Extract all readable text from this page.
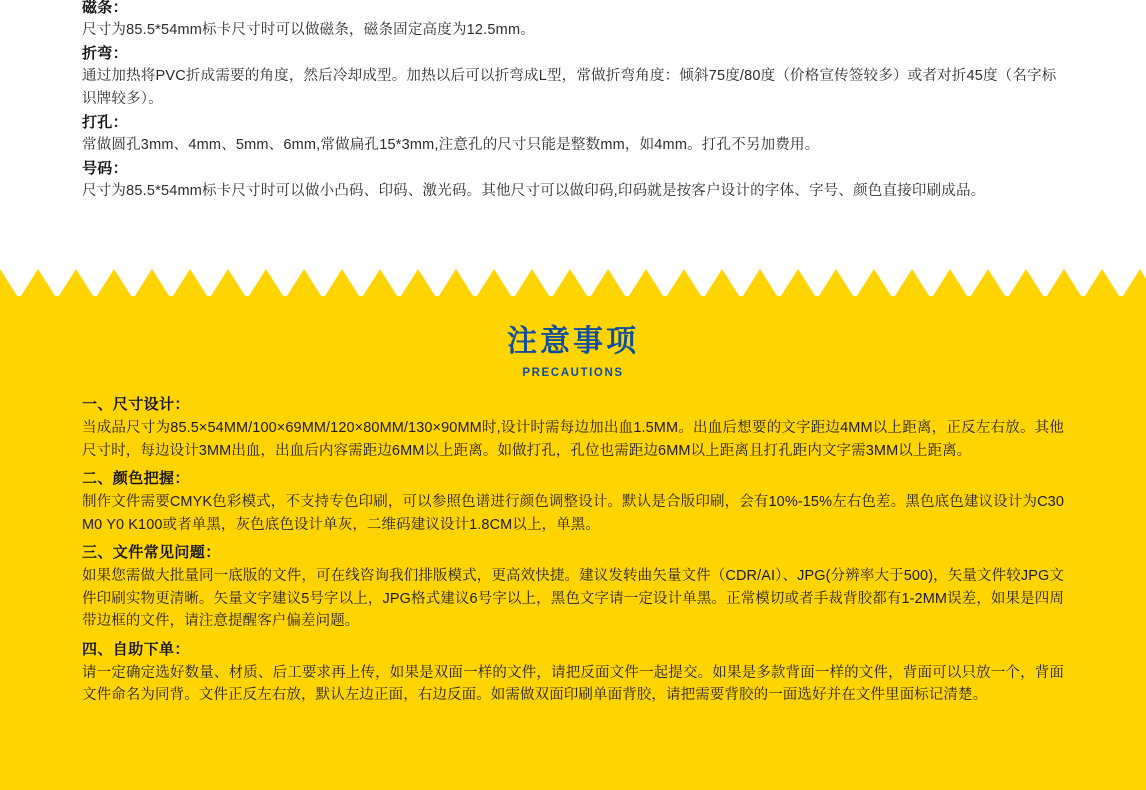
磁条：
尺寸为85.5*54mm标卡尺寸时可以做磁条，磁条固定高度为12.5mm。
折弯：
通过加热将PVC折成需要的角度，然后冷却成型。加热以后可以折弯成L型，常做折弯角度：倾斜75度/80度（价格宣传签较多）或者对折45度（名字标识牌较多）。
打孔：
常做圆孔3mm、4mm、5mm、6mm,常做扁孔15*3mm,注意孔的尺寸只能是整数mm，如4mm。打孔不另加费用。
号码：
尺寸为85.5*54mm标卡尺寸时可以做小凸码、印码、激光码。其他尺寸可以做印码,印码就是按客户设计的字体、字号、颜色直接印刷成品。
注意事项
PRECAUTIONS
一、尺寸设计：
当成品尺寸为85.5×54MM/100×69MM/120×80MM/130×90MM时,设计时需每边加出血1.5MM。出血后想要的文字距边4MM以上距离，正反左右放。其他尺寸时，每边设计3MM出血，出血后内容需距边6MM以上距离。如做打孔，孔位也需距边6MM以上距离且打孔距内文字需3MM以上距离。
二、颜色把握：
制作文件需要CMYK色彩模式，不支持专色印刷，可以参照色谱进行颜色调整设计。默认是合版印刷，会有10%-15%左右色差。黑色底色建议设计为C30 M0 Y0 K100或者单黑，灰色底色设计单灰，二维码建议设计1.8CM以上，单黑。
三、文件常见问题：
如果您需做大批量同一底版的文件，可在线咨询我们排版模式，更高效快捷。建议发转曲矢量文件（CDR/AI）、JPG(分辨率大于500)，矢量文件较JPG文件印刷实物更清晰。矢量文字建议5号字以上，JPG格式建议6号字以上，黑色文字请一定设计单黑。正常模切或者手裁背胶都有1-2MM误差，如果是四周带边框的文件，请注意提醒客户偏差问题。
四、自助下单：
请一定确定选好数量、材质、后工要求再上传，如果是双面一样的文件，请把反面文件一起提交。如果是多款背面一样的文件，背面可以只放一个，背面文件命名为同背。文件正反左右放，默认左边正面，右边反面。如需做双面印刷单面背胶，请把需要背胶的一面选好并在文件里面标记清楚。
